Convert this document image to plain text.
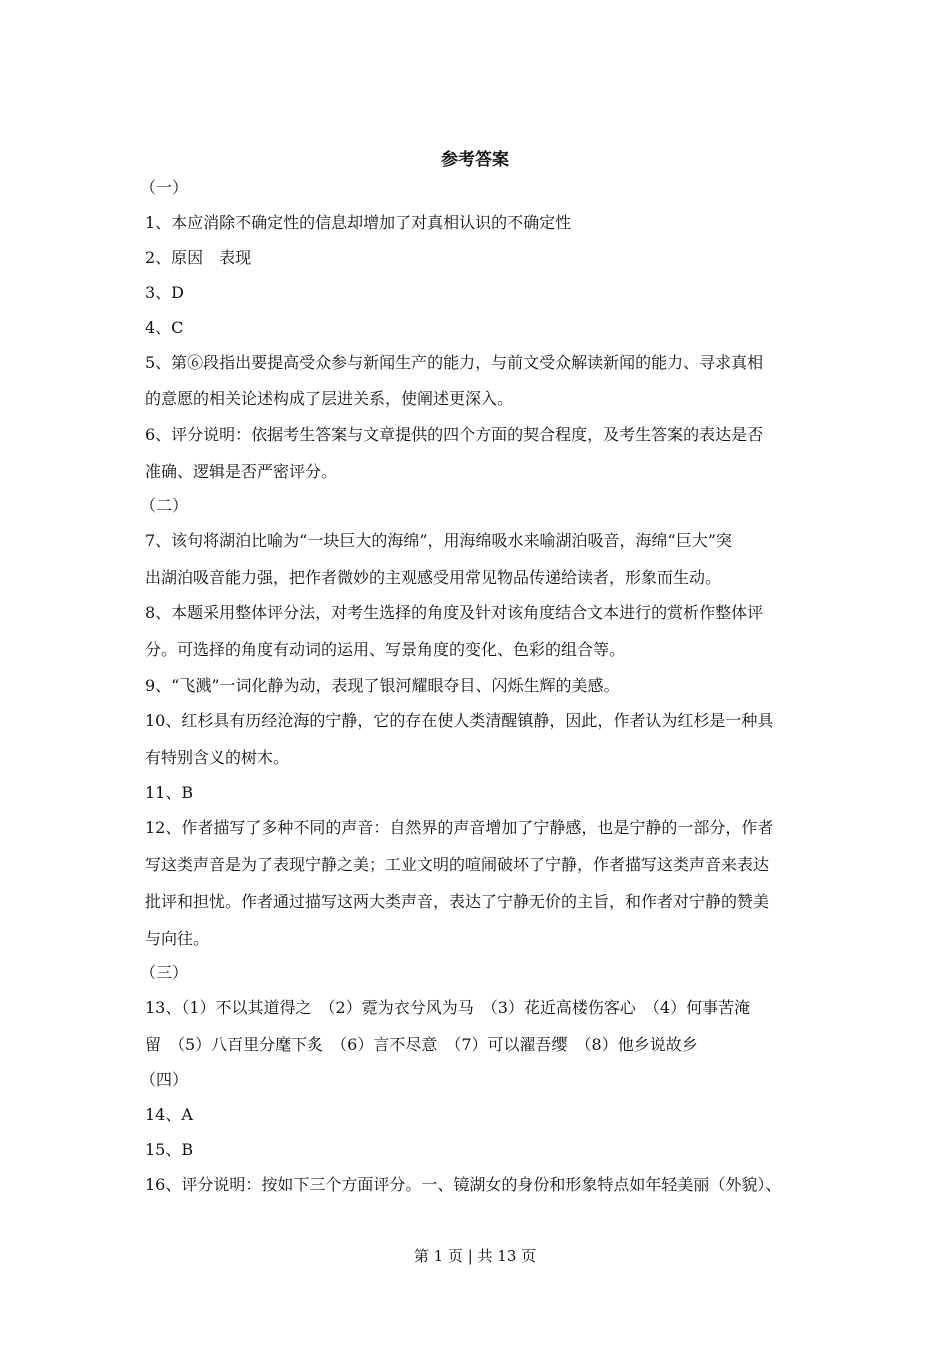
参考答案
（一）
1、本应消除不确定性的信息却增加了对真相认识的不确定性
2、原因　表现
3、D
4、C
5、第⑥段指出要提高受众参与新闻生产的能力，与前文受众解读新闻的能力、寻求真相
的意愿的相关论述构成了层进关系，使阐述更深入。
6、评分说明：依据考生答案与文章提供的四个方面的契合程度，及考生答案的表达是否
准确、逻辑是否严密评分。
（二）
7、该句将湖泊比喻为“一块巨大的海绵”，用海绵吸水来喻湖泊吸音，海绵“巨大”突
出湖泊吸音能力强，把作者微妙的主观感受用常见物品传递给读者，形象而生动。
8、本题采用整体评分法，对考生选择的角度及针对该角度结合文本进行的赏析作整体评
分。可选择的角度有动词的运用、写景角度的变化、色彩的组合等。
9、“飞溅”一词化静为动，表现了银河耀眼夺目、闪烁生辉的美感。
10、红杉具有历经沧海的宁静，它的存在使人类清醒镇静，因此，作者认为红杉是一种具
有特别含义的树木。
11、B
12、作者描写了多种不同的声音：自然界的声音增加了宁静感，也是宁静的一部分，作者
写这类声音是为了表现宁静之美；工业文明的喧闹破坏了宁静，作者描写这类声音来表达
批评和担忧。作者通过描写这两大类声音，表达了宁静无价的主旨，和作者对宁静的赞美
与向往。
（三）
13、（1）不以其道得之　（2）霓为衣兮风为马　（3）花近高楼伤客心　（4）何事苦淹
留　（5）八百里分麾下炙　（6）言不尽意　（7）可以濯吾缨　（8）他乡说故乡
（四）
14、A
15、B
16、评分说明：按如下三个方面评分。一、镜湖女的身份和形象特点如年轻美丽（外貌）、
第 1 页 | 共 13 页
